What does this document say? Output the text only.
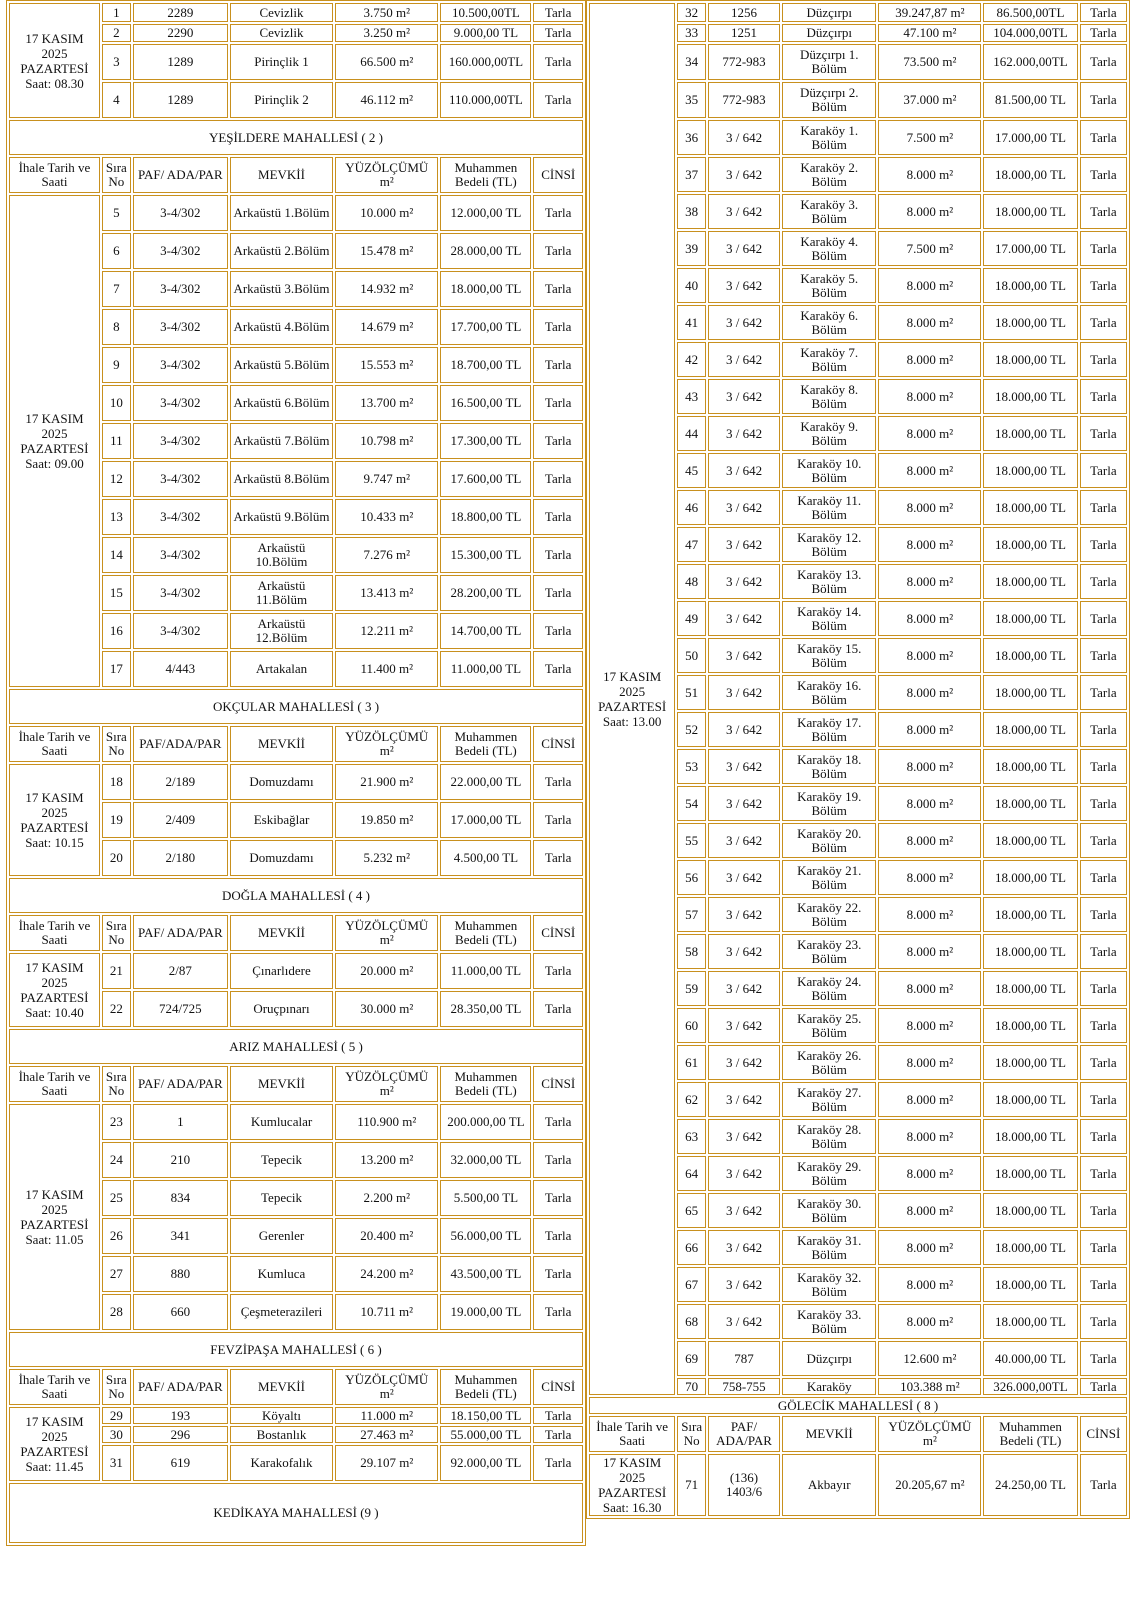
17 KASIM 2025 PAZARTESİ Saat: 08.30	1	2289	Cevizlik	3.750 m²	10.500,00TL	Tarla
	2	2290	Cevizlik	3.250 m²	9.000,00 TL	Tarla
	3	1289	Pirinçlik 1	66.500 m²	160.000,00TL	Tarla
	4	1289	Pirinçlik 2	46.112 m²	110.000,00TL	Tarla
YEŞİLDERE MAHALLESİ ( 2 )						
İhale Tarih ve Saati	Sıra No	PAF/ ADA/PAR	MEVKİİ	YÜZÖLÇÜMÜ m²	Muhammen Bedeli (TL)	CİNSİ
17 KASIM 2025 PAZARTESİ Saat: 09.00	5	3-4/302	Arkaüstü 1.Bölüm	10.000 m²	12.000,00 TL	Tarla
	6	3-4/302	Arkaüstü 2.Bölüm	15.478 m²	28.000,00 TL	Tarla
	7	3-4/302	Arkaüstü 3.Bölüm	14.932 m²	18.000,00 TL	Tarla
	8	3-4/302	Arkaüstü 4.Bölüm	14.679 m²	17.700,00 TL	Tarla
	9	3-4/302	Arkaüstü 5.Bölüm	15.553 m²	18.700,00 TL	Tarla
	10	3-4/302	Arkaüstü 6.Bölüm	13.700 m²	16.500,00 TL	Tarla
	11	3-4/302	Arkaüstü 7.Bölüm	10.798 m²	17.300,00 TL	Tarla
	12	3-4/302	Arkaüstü 8.Bölüm	9.747 m²	17.600,00 TL	Tarla
	13	3-4/302	Arkaüstü 9.Bölüm	10.433 m²	18.800,00 TL	Tarla
	14	3-4/302	Arkaüstü 10.Bölüm	7.276 m²	15.300,00 TL	Tarla
	15	3-4/302	Arkaüstü 11.Bölüm	13.413 m²	28.200,00 TL	Tarla
	16	3-4/302	Arkaüstü 12.Bölüm	12.211 m²	14.700,00 TL	Tarla
	17	4/443	Artakalan	11.400 m²	11.000,00 TL	Tarla
OKÇULAR MAHALLESİ ( 3 )						
İhale Tarih ve Saati	Sıra No	PAF/ADA/PAR	MEVKİİ	YÜZÖLÇÜMÜ m²	Muhammen Bedeli (TL)	CİNSİ
17 KASIM 2025 PAZARTESİ Saat: 10.15	18	2/189	Domuzdamı	21.900 m²	22.000,00 TL	Tarla
	19	2/409	Eskibağlar	19.850 m²	17.000,00 TL	Tarla
	20	2/180	Domuzdamı	5.232 m²	4.500,00 TL	Tarla
DOĞLA MAHALLESİ ( 4 )						
İhale Tarih ve Saati	Sıra No	PAF/ ADA/PAR	MEVKİİ	YÜZÖLÇÜMÜ m²	Muhammen Bedeli (TL)	CİNSİ
17 KASIM 2025 PAZARTESİ Saat: 10.40	21	2/87	Çınarlıdere	20.000 m²	11.000,00 TL	Tarla
	22	724/725	Oruçpınarı	30.000 m²	28.350,00 TL	Tarla
ARIZ MAHALLESİ ( 5 )						
İhale Tarih ve Saati	Sıra No	PAF/ ADA/PAR	MEVKİİ	YÜZÖLÇÜMÜ m²	Muhammen Bedeli (TL)	CİNSİ
17 KASIM 2025 PAZARTESİ Saat: 11.05	23	1	Kumlucalar	110.900 m²	200.000,00 TL	Tarla
	24	210	Tepecik	13.200 m²	32.000,00 TL	Tarla
	25	834	Tepecik	2.200 m²	5.500,00 TL	Tarla
	26	341	Gerenler	20.400 m²	56.000,00 TL	Tarla
	27	880	Kumluca	24.200 m²	43.500,00 TL	Tarla
	28	660	Çeşmeterazileri	10.711 m²	19.000,00 TL	Tarla
FEVZİPAŞA MAHALLESİ ( 6 )						
İhale Tarih ve Saati	Sıra No	PAF/ ADA/PAR	MEVKİİ	YÜZÖLÇÜMÜ m²	Muhammen Bedeli (TL)	CİNSİ
17 KASIM 2025 PAZARTESİ Saat: 11.45	29	193	Köyaltı	11.000 m²	18.150,00 TL	Tarla
	30	296	Bostanlık	27.463 m²	55.000,00 TL	Tarla
	31	619	Karakofalık	29.107 m²	92.000,00 TL	Tarla
KEDİKAYA MAHALLESİ (9 )						
17 KASIM 2025 PAZARTESİ Saat: 13.00	32	1256	Düzçırpı	39.247,87 m²	86.500,00TL	Tarla
	33	1251	Düzçırpı	47.100 m²	104.000,00TL	Tarla
	34	772-983	Düzçırpı 1. Bölüm	73.500 m²	162.000,00TL	Tarla
	35	772-983	Düzçırpı 2. Bölüm	37.000 m²	81.500,00 TL	Tarla
	36	3 / 642	Karaköy 1. Bölüm	7.500 m²	17.000,00 TL	Tarla
	37	3 / 642	Karaköy 2. Bölüm	8.000 m²	18.000,00 TL	Tarla
	38	3 / 642	Karaköy 3. Bölüm	8.000 m²	18.000,00 TL	Tarla
	39	3 / 642	Karaköy 4. Bölüm	7.500 m²	17.000,00 TL	Tarla
	40	3 / 642	Karaköy 5. Bölüm	8.000 m²	18.000,00 TL	Tarla
	41	3 / 642	Karaköy 6. Bölüm	8.000 m²	18.000,00 TL	Tarla
	42	3 / 642	Karaköy 7. Bölüm	8.000 m²	18.000,00 TL	Tarla
	43	3 / 642	Karaköy 8. Bölüm	8.000 m²	18.000,00 TL	Tarla
	44	3 / 642	Karaköy 9. Bölüm	8.000 m²	18.000,00 TL	Tarla
	45	3 / 642	Karaköy 10. Bölüm	8.000 m²	18.000,00 TL	Tarla
	46	3 / 642	Karaköy 11. Bölüm	8.000 m²	18.000,00 TL	Tarla
	47	3 / 642	Karaköy 12. Bölüm	8.000 m²	18.000,00 TL	Tarla
	48	3 / 642	Karaköy 13. Bölüm	8.000 m²	18.000,00 TL	Tarla
	49	3 / 642	Karaköy 14. Bölüm	8.000 m²	18.000,00 TL	Tarla
	50	3 / 642	Karaköy 15. Bölüm	8.000 m²	18.000,00 TL	Tarla
	51	3 / 642	Karaköy 16. Bölüm	8.000 m²	18.000,00 TL	Tarla
	52	3 / 642	Karaköy 17. Bölüm	8.000 m²	18.000,00 TL	Tarla
	53	3 / 642	Karaköy 18. Bölüm	8.000 m²	18.000,00 TL	Tarla
	54	3 / 642	Karaköy 19. Bölüm	8.000 m²	18.000,00 TL	Tarla
	55	3 / 642	Karaköy 20. Bölüm	8.000 m²	18.000,00 TL	Tarla
	56	3 / 642	Karaköy 21. Bölüm	8.000 m²	18.000,00 TL	Tarla
	57	3 / 642	Karaköy 22. Bölüm	8.000 m²	18.000,00 TL	Tarla
	58	3 / 642	Karaköy 23. Bölüm	8.000 m²	18.000,00 TL	Tarla
	59	3 / 642	Karaköy 24. Bölüm	8.000 m²	18.000,00 TL	Tarla
	60	3 / 642	Karaköy 25. Bölüm	8.000 m²	18.000,00 TL	Tarla
	61	3 / 642	Karaköy 26. Bölüm	8.000 m²	18.000,00 TL	Tarla
	62	3 / 642	Karaköy 27. Bölüm	8.000 m²	18.000,00 TL	Tarla
	63	3 / 642	Karaköy 28. Bölüm	8.000 m²	18.000,00 TL	Tarla
	64	3 / 642	Karaköy 29. Bölüm	8.000 m²	18.000,00 TL	Tarla
	65	3 / 642	Karaköy 30. Bölüm	8.000 m²	18.000,00 TL	Tarla
	66	3 / 642	Karaköy 31. Bölüm	8.000 m²	18.000,00 TL	Tarla
	67	3 / 642	Karaköy 32. Bölüm	8.000 m²	18.000,00 TL	Tarla
	68	3 / 642	Karaköy 33. Bölüm	8.000 m²	18.000,00 TL	Tarla
	69	787	Düzçırpı	12.600 m²	40.000,00 TL	Tarla
	70	758-755	Karaköy	103.388 m²	326.000,00TL	Tarla
GÖLECİK MAHALLESİ ( 8 )						
İhale Tarih ve Saati	Sıra No	PAF/ ADA/PAR	MEVKİİ	YÜZÖLÇÜMÜ m²	Muhammen Bedeli (TL)	CİNSİ
17 KASIM 2025 PAZARTESİ Saat: 16.30	71	(136) 1403/6	Akbayır	20.205,67 m²	24.250,00 TL	Tarla
